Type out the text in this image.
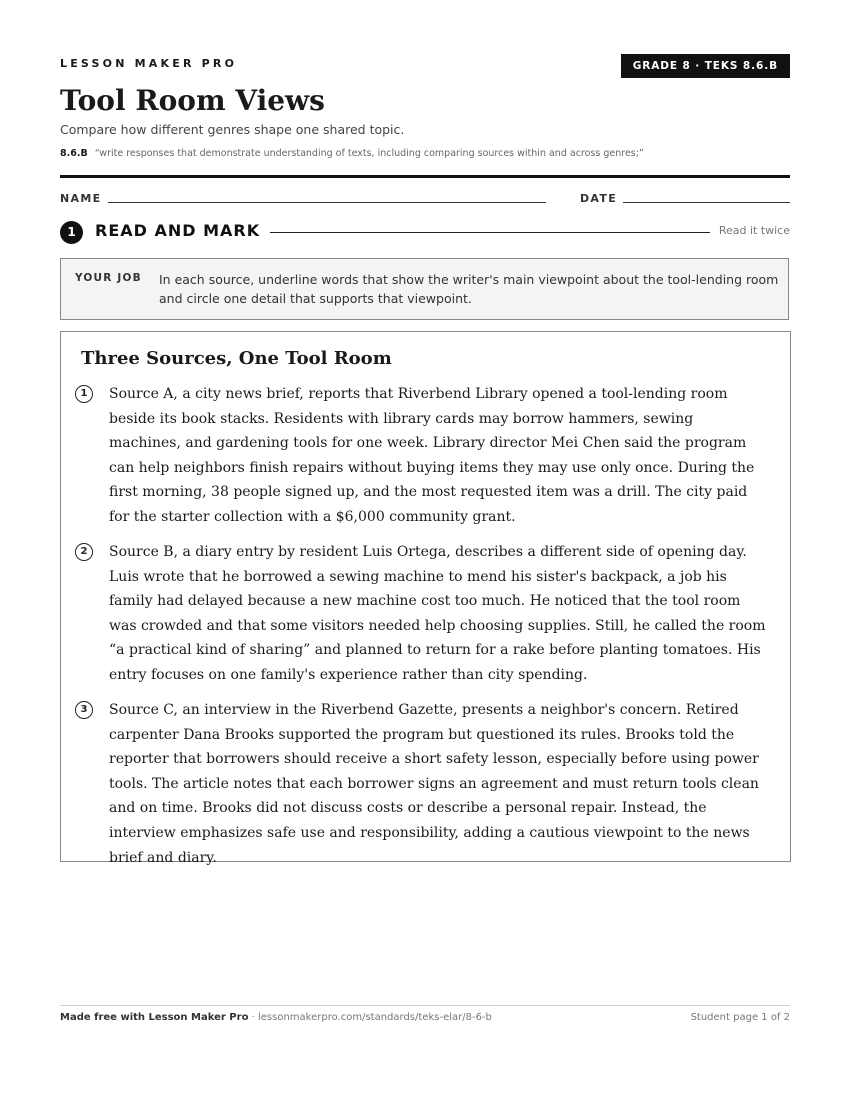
LESSON MAKER PRO	GRADE 8 · TEKS 8.6.B
Tool Room Views
Compare how different genres shape one shared topic.
8.6.B “write responses that demonstrate understanding of texts, including comparing sources within and across genres;”
NAME	DATE
1	READ AND MARK	Read it twice
YOUR JOB In each source, underline words that show the writer's main viewpoint about the tool-lending room and circle one detail that supports that viewpoint.
Three Sources, One Tool Room
1	Source A, a city news brief, reports that Riverbend Library opened a tool-lending room beside its book stacks. Residents with library cards may borrow hammers, sewing machines, and gardening tools for one week. Library director Mei Chen said the program can help neighbors finish repairs without buying items they may use only once. During the first morning, 38 people signed up, and the most requested item was a drill. The city paid for the starter collection with a $6,000 community grant.
2	Source B, a diary entry by resident Luis Ortega, describes a different side of opening day. Luis wrote that he borrowed a sewing machine to mend his sister's backpack, a job his family had delayed because a new machine cost too much. He noticed that the tool room was crowded and that some visitors needed help choosing supplies. Still, he called the room “a practical kind of sharing” and planned to return for a rake before planting tomatoes. His entry focuses on one family's experience rather than city spending.
3	Source C, an interview in the Riverbend Gazette, presents a neighbor's concern. Retired carpenter Dana Brooks supported the program but questioned its rules. Brooks told the reporter that borrowers should receive a short safety lesson, especially before using power tools. The article notes that each borrower signs an agreement and must return tools clean and on time. Brooks did not discuss costs or describe a personal repair. Instead, the interview emphasizes safe use and responsibility, adding a cautious viewpoint to the news brief and diary.
Made free with Lesson Maker Pro · lessonmakerpro.com/standards/teks-elar/8-6-b	Student page 1 of 2
